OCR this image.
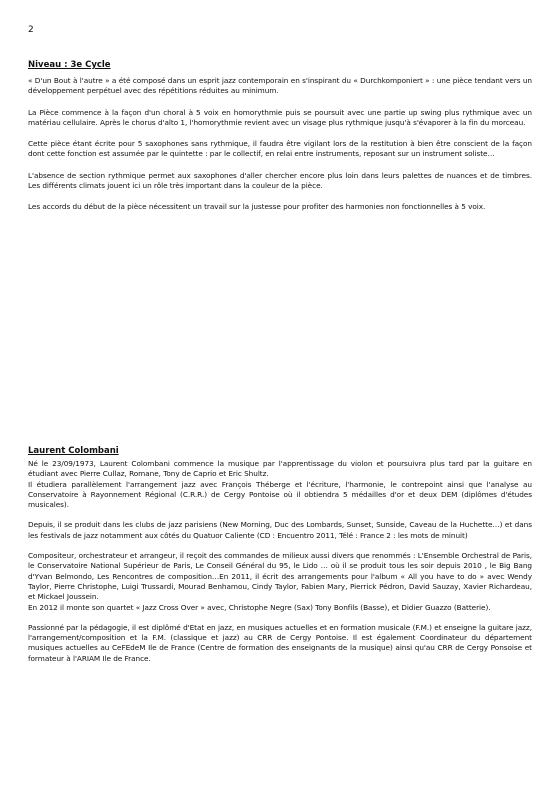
2
Niveau : 3e Cycle

« D'un Bout à l'autre » a été composé dans un esprit jazz contemporain en s'inspirant du « Durchkomponiert » : une pièce tendant vers un développement perpétuel avec des répétitions réduites au minimum.

La Pièce commence à la façon d'un choral à 5 voix en homorythmie puis se poursuit avec une partie up swing plus rythmique avec un matériau cellulaire. Après le chorus d'alto 1, l'homorythmie revient avec un visage plus rythmique jusqu'à s'évaporer à la fin du morceau.

Cette pièce étant écrite pour 5 saxophones sans rythmique, il faudra être vigilant lors de la restitution à bien être conscient de la façon dont cette fonction est assumée par le quintette : par le collectif, en relai entre instruments, reposant sur un instrument soliste…

L'absence de section rythmique permet aux saxophones d'aller chercher encore plus loin dans leurs palettes de nuances et de timbres. Les différents climats jouent ici un rôle très important dans la couleur de la pièce.

Les accords du début de la pièce nécessitent un travail sur la justesse pour profiter des harmonies non fonctionnelles à 5 voix.

Laurent Colombani

Né le 23/09/1973, Laurent Colombani commence la musique par l'apprentissage du violon et poursuivra plus tard par la guitare en étudiant avec Pierre Cullaz, Romane, Tony de Caprio et Eric Shultz.

Il étudiera parallèlement l'arrangement jazz avec François Théberge et l'écriture, l'harmonie, le contrepoint ainsi que l'analyse au Conservatoire à Rayonnement Régional (C.R.R.) de Cergy Pontoise où il obtiendra 5 médailles d'or et deux DEM (diplômes d'études musicales).

Depuis, il se produit dans les clubs de jazz parisiens (New Morning, Duc des Lombards, Sunset, Sunside, Caveau de la Huchette…) et dans les festivals de jazz notamment aux côtés du Quatuor Caliente (CD : Encuentro 2011, Télé : France 2 : les mots de minuit)

Compositeur, orchestrateur et arrangeur, il reçoit des commandes de milieux aussi divers que renommés : L'Ensemble Orchestral de Paris, le Conservatoire National Supérieur de Paris, Le Conseil Général du 95, le Lido … où il se produit tous les soir depuis 2010 , le Big Bang d'Yvan Belmondo, Les Rencontres de composition…En 2011, il écrit des arrangements pour l'album « All you have to do » avec Wendy Taylor, Pierre Christophe, Luigi Trussardi, Mourad Benhamou, Cindy Taylor, Fabien Mary, Pierrick Pédron, David Sauzay, Xavier Richardeau, et Mickael Joussein.

En 2012 il monte son quartet « Jazz Cross Over » avec, Christophe Negre (Sax) Tony Bonfils (Basse), et Didier Guazzo (Batterie).

Passionné par la pédagogie, il est diplômé d'Etat en jazz, en musiques actuelles et en formation musicale (F.M.) et enseigne la guitare jazz, l'arrangement/composition et la F.M. (classique et jazz) au CRR de Cergy Pontoise. Il est également Coordinateur du département musiques actuelles au CeFEdeM Ile de France (Centre de formation des enseignants de la musique) ainsi qu'au CRR de Cergy Ponsoise et formateur à l'ARIAM Ile de France.
